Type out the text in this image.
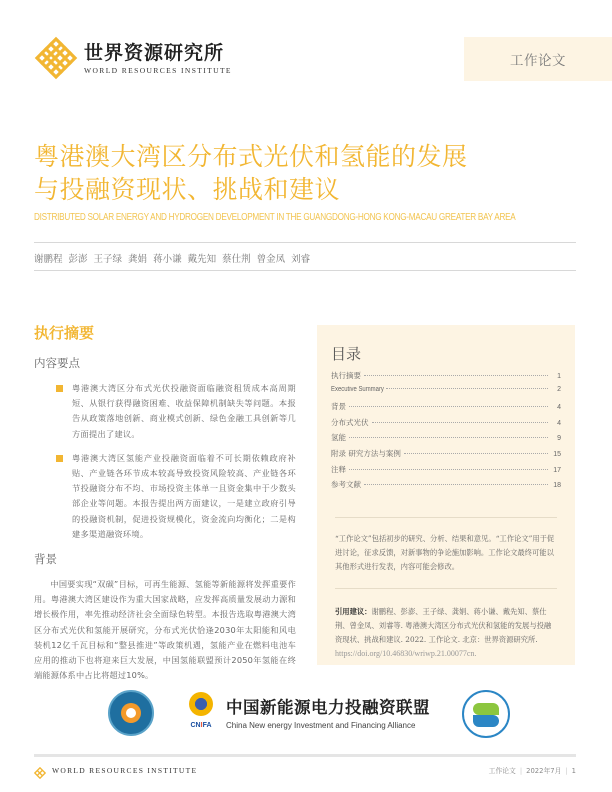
世界资源研究所
WORLD RESOURCES INSTITUTE
工作论文
粤港澳大湾区分布式光伏和氢能的发展
与投融资现状、挑战和建议
DISTRIBUTED SOLAR ENERGY AND HYDROGEN DEVELOPMENT IN THE GUANGDONG-HONG KONG-MACAU GREATER BAY AREA
谢鹏程 彭澎 王子绿 龚娟 蒋小谦 戴先知 蔡仕荆 曾金凤 刘睿
执行摘要
内容要点
粤港澳大湾区分布式光伏投融资面临融资租赁成本高周期短、从银行获得融资困难、收益保障机制缺失等问题。本报告从政策落地创新、商业模式创新、绿色金融工具创新等几方面提出了建议。
粤港澳大湾区氢能产业投融资面临着不可长期依赖政府补贴、产业链各环节成本较高导致投资风险较高、产业链各环节投融资分布不均、市场投资主体单一且资金集中于少数头部企业等问题。本报告提出两方面建议，一是建立政府引导的投融资机制，促进投资规模化，资金流向均衡化；二是构建多渠道融资环境。
背景
中国要实现“双碳”目标，可再生能源、氢能等新能源将发挥重要作用。粤港澳大湾区建设作为重大国家战略，应发挥高质量发展动力源和增长极作用，率先推动经济社会全面绿色转型。本报告选取粤港澳大湾区分布式光伏和氢能开展研究，分布式光伏恰逢2030年太阳能和风电装机12亿千瓦目标和“整县推进”等政策机遇，氢能产业在燃料电池车应用的推动下也将迎来巨大发展，中国氢能联盟预计2050年氢能在终端能源体系中占比将超过10%。
目录
执行摘要	1
Executive Summary	2
背景	4
分布式光伏	4
氢能	9
附录 研究方法与案例	15
注释	17
参考文献	18
“工作论文”包括初步的研究、分析、结果和意见。“工作论文”用于促进讨论，征求反馈，对新事物的争论施加影响。工作论文最终可能以其他形式进行发表，内容可能会修改。
引用建议：谢鹏程、彭澎、王子绿、龚娟、蒋小谦、戴先知、蔡仕荆、曾金凤、刘睿等. 粤港澳大湾区分布式光伏和氢能的发展与投融资现状、挑战和建议. 2022. 工作论文. 北京：世界资源研究所. https://doi.org/10.46830/wriwp.21.00077cn.
CNIFA
中国新能源电力投融资联盟
China New energy Investment and Financing Alliance
WORLD RESOURCES INSTITUTE	工作论文 | 2022年7月 | 1
